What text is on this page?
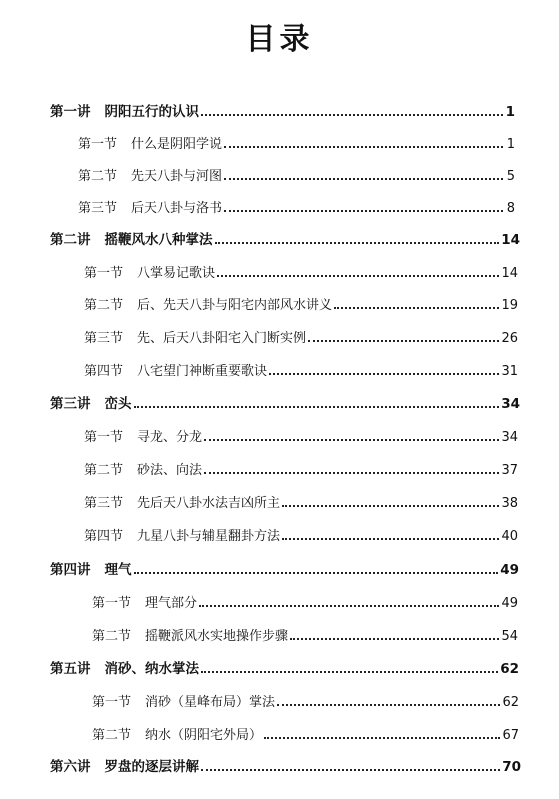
目录
第一讲 阴阳五行的认识	1
第一节 什么是阴阳学说	1
第二节 先天八卦与河图	5
第三节 后天八卦与洛书	8
第二讲 摇鞭风水八种掌法	14
第一节 八掌易记歌诀	14
第二节 后、先天八卦与阳宅内部风水讲义	19
第三节 先、后天八卦阳宅入门断实例	26
第四节 八宅望门神断重要歌诀	31
第三讲 峦头	34
第一节 寻龙、分龙	34
第二节 砂法、向法	37
第三节 先后天八卦水法吉凶所主	38
第四节 九星八卦与辅星翻卦方法	40
第四讲 理气	49
第一节 理气部分	49
第二节 摇鞭派风水实地操作步骤	54
第五讲 消砂、纳水掌法	62
第一节 消砂（星峰布局）掌法	62
第二节 纳水（阴阳宅外局）	67
第六讲 罗盘的逐层讲解	70
